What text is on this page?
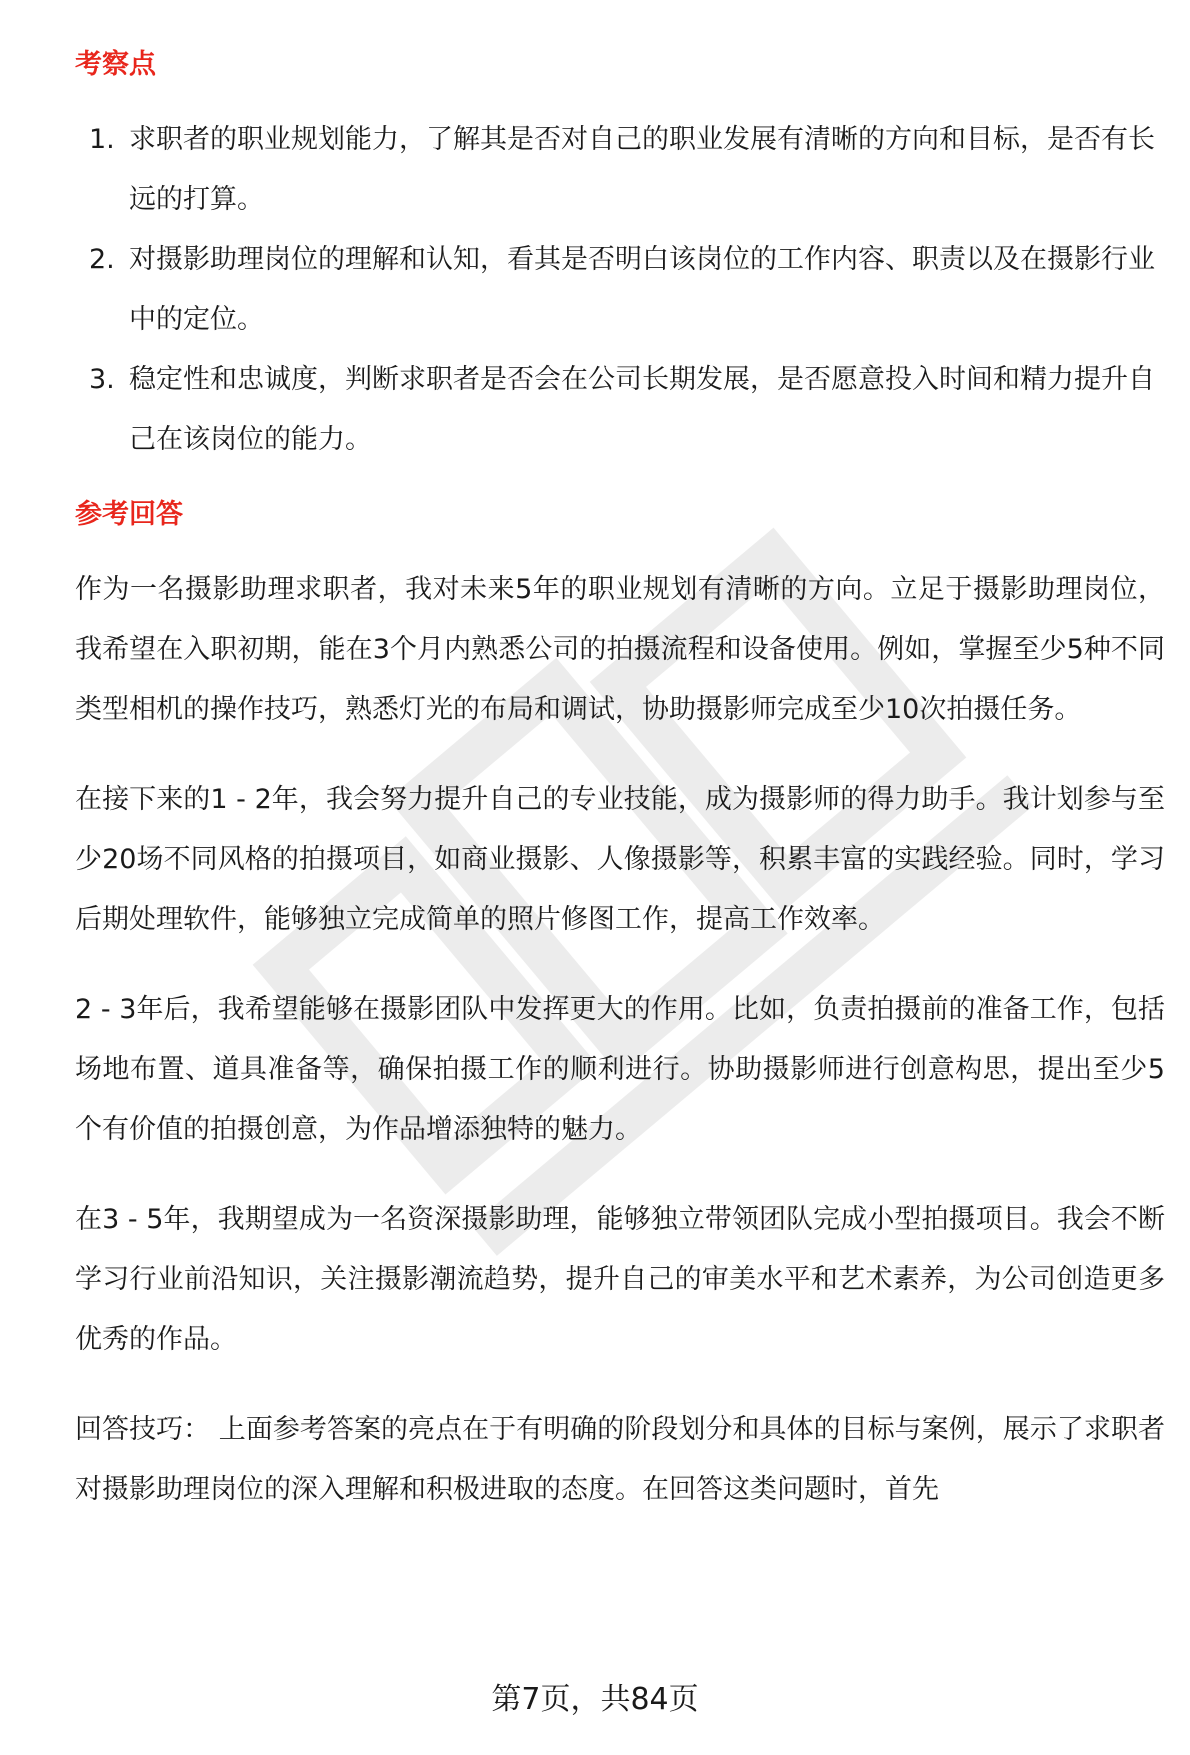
考察点
1. 求职者的职业规划能力，了解其是否对自己的职业发展有清晰的方向和目标，是否有长远的打算。
2. 对摄影助理岗位的理解和认知，看其是否明白该岗位的工作内容、职责以及在摄影行业中的定位。
3. 稳定性和忠诚度，判断求职者是否会在公司长期发展，是否愿意投入时间和精力提升自己在该岗位的能力。
参考回答

作为一名摄影助理求职者，我对未来5年的职业规划有清晰的方向。立足于摄影助理岗位，我希望在入职初期，能在3个月内熟悉公司的拍摄流程和设备使用。例如，掌握至少5种不同类型相机的操作技巧，熟悉灯光的布局和调试，协助摄影师完成至少10次拍摄任务。

在接下来的1 - 2年，我会努力提升自己的专业技能，成为摄影师的得力助手。我计划参与至少20场不同风格的拍摄项目，如商业摄影、人像摄影等，积累丰富的实践经验。同时，学习后期处理软件，能够独立完成简单的照片修图工作，提高工作效率。

2 - 3年后，我希望能够在摄影团队中发挥更大的作用。比如，负责拍摄前的准备工作，包括场地布置、道具准备等，确保拍摄工作的顺利进行。协助摄影师进行创意构思，提出至少5个有价值的拍摄创意，为作品增添独特的魅力。

在3 - 5年，我期望成为一名资深摄影助理，能够独立带领团队完成小型拍摄项目。我会不断学习行业前沿知识，关注摄影潮流趋势，提升自己的审美水平和艺术素养，为公司创造更多优秀的作品。

回答技巧： 上面参考答案的亮点在于有明确的阶段划分和具体的目标与案例，展示了求职者对摄影助理岗位的深入理解和积极进取的态度。在回答这类问题时，首先

第7页，共84页
